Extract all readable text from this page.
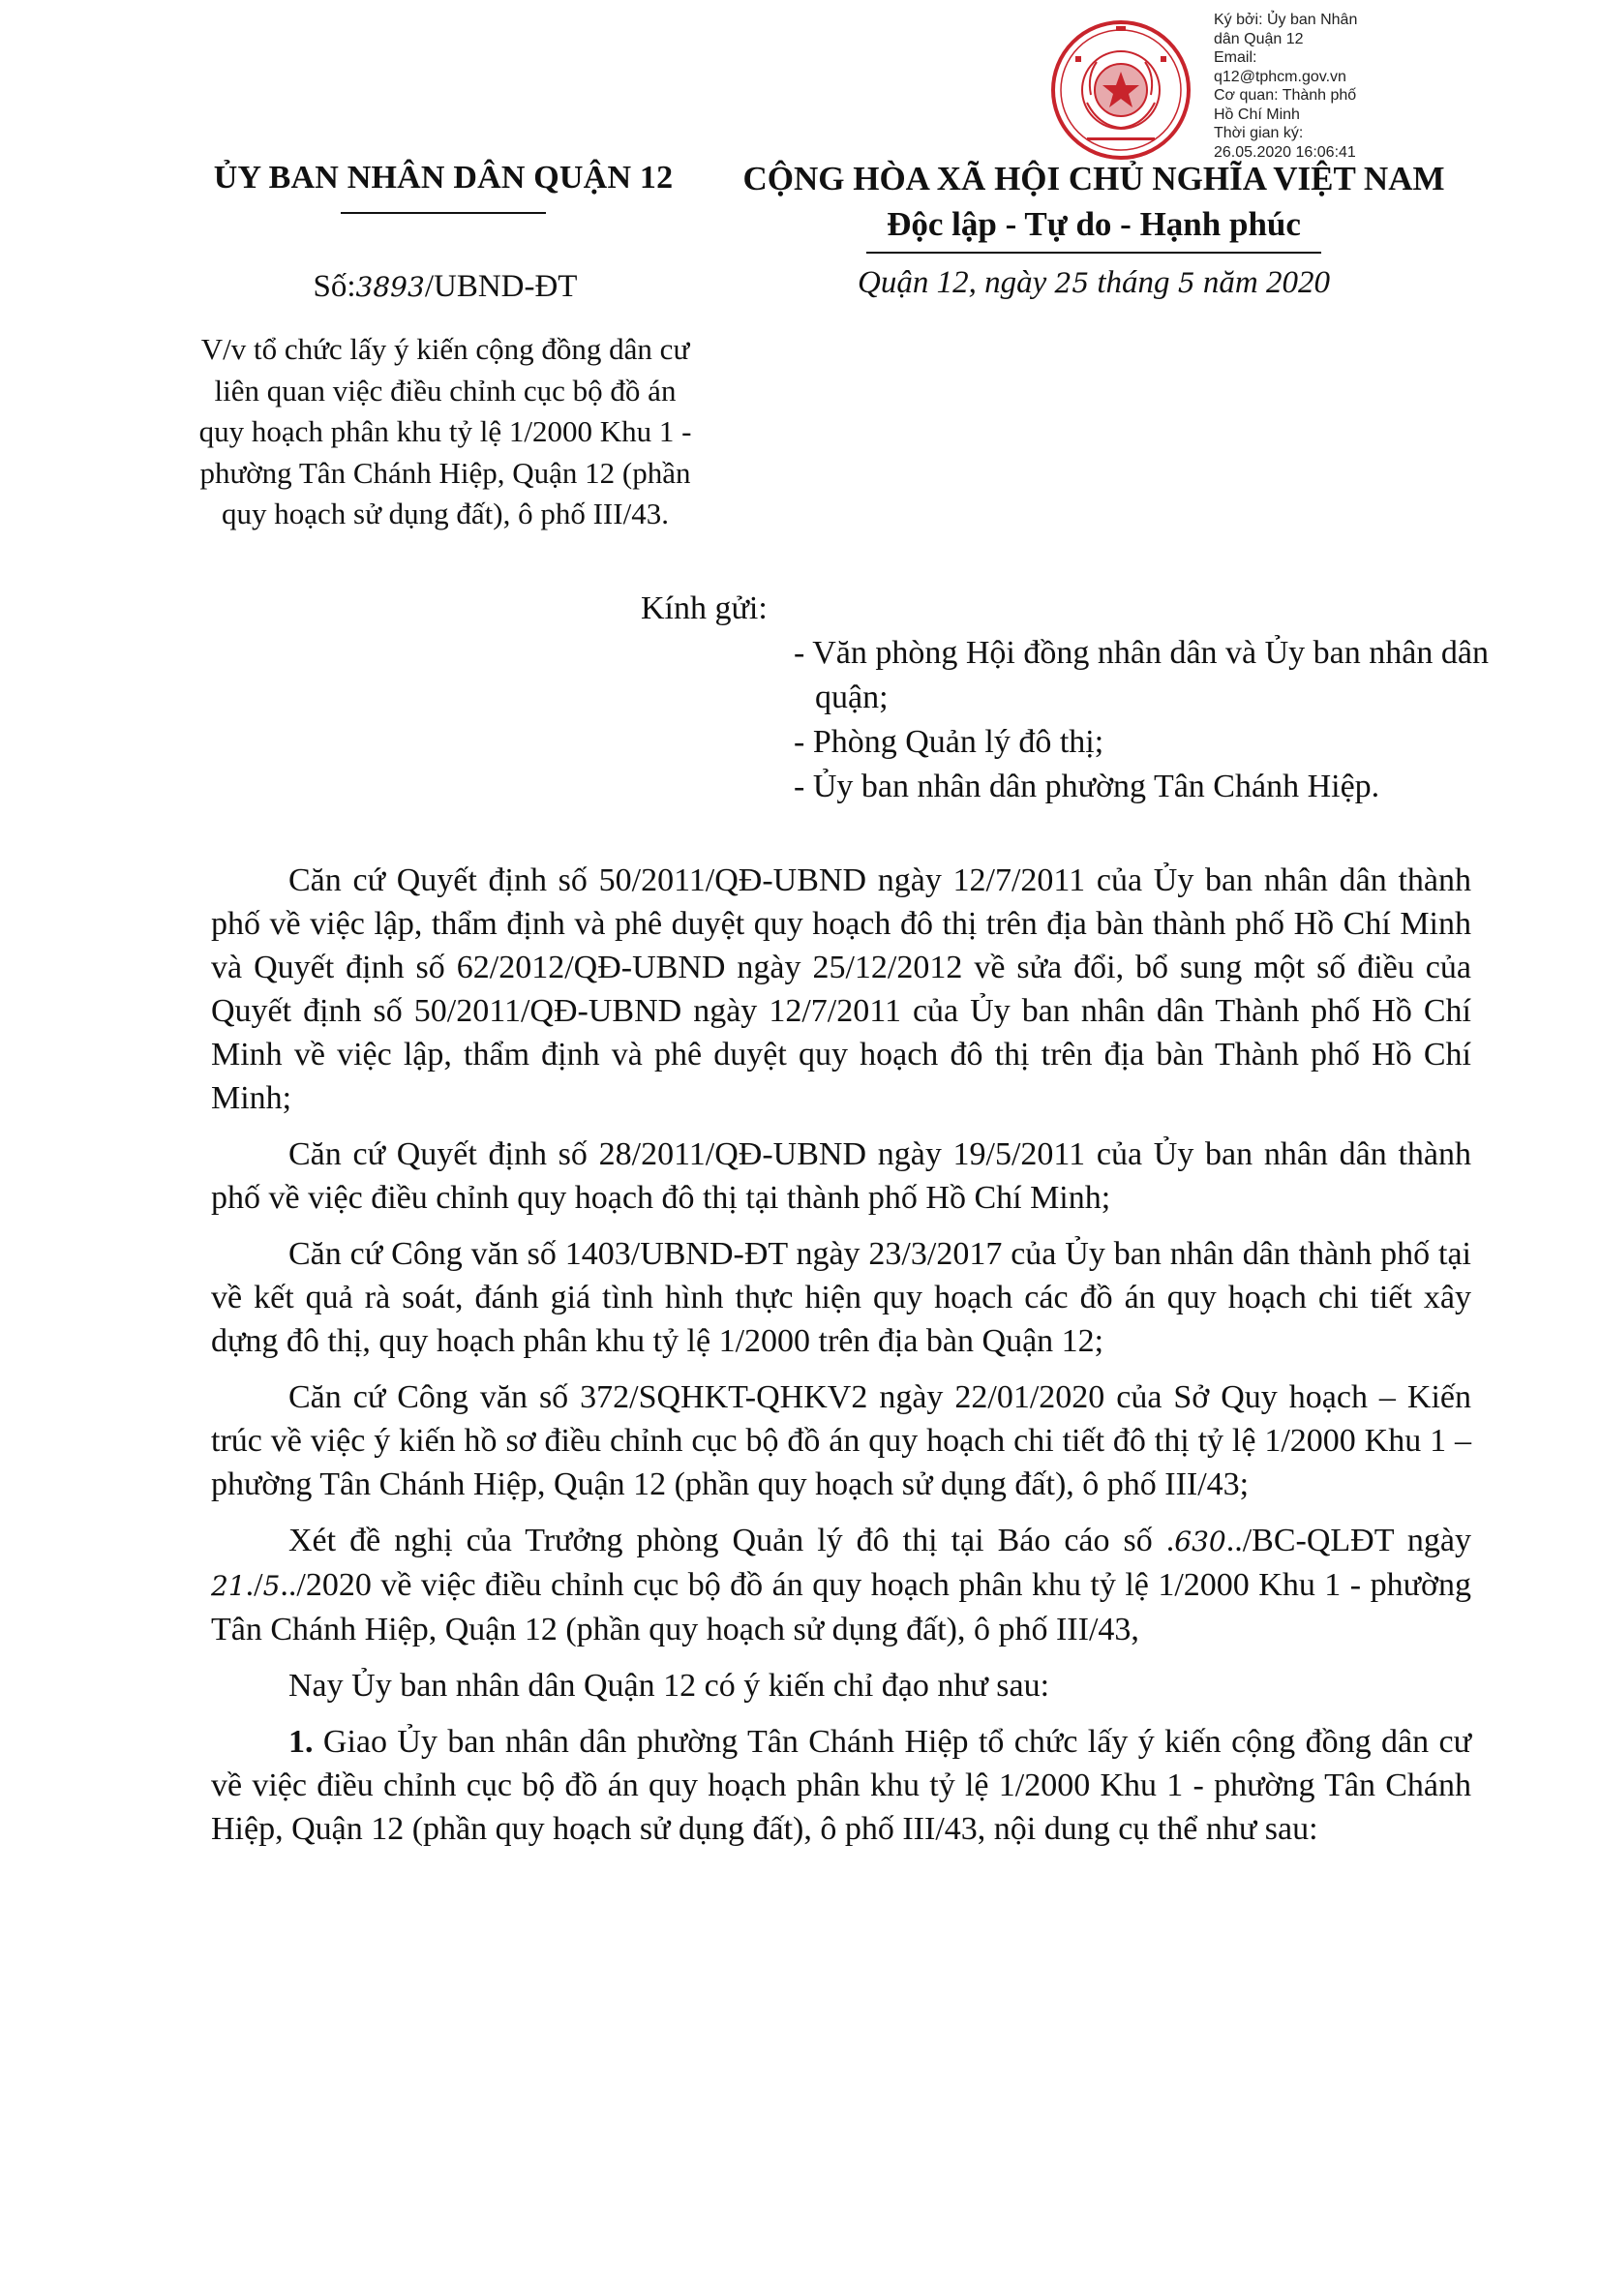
Ký bởi: Ủy ban Nhân
dân Quận 12
Email:
q12@tphcm.gov.vn
Cơ quan: Thành phố
Hồ Chí Minh
Thời gian ký:
26.05.2020 16:06:41
ỦY BAN NHÂN DÂN QUẬN 12	CỘNG HÒA XÃ HỘI CHỦ NGHĨA VIỆT NAM
Độc lập - Tự do - Hạnh phúc
Số:3893/UBND-ĐT	Quận 12, ngày 25 tháng 5 năm 2020
V/v tổ chức lấy ý kiến cộng đồng dân cư liên quan việc điều chỉnh cục bộ đồ án quy hoạch phân khu tỷ lệ 1/2000 Khu 1 - phường Tân Chánh Hiệp, Quận 12 (phần quy hoạch sử dụng đất), ô phố III/43.
Kính gửi:
- Văn phòng Hội đồng nhân dân và Ủy ban nhân dân quận;
- Phòng Quản lý đô thị;
- Ủy ban nhân dân phường Tân Chánh Hiệp.

Căn cứ Quyết định số 50/2011/QĐ-UBND ngày 12/7/2011 của Ủy ban nhân dân thành phố về việc lập, thẩm định và phê duyệt quy hoạch đô thị trên địa bàn thành phố Hồ Chí Minh và Quyết định số 62/2012/QĐ-UBND ngày 25/12/2012 về sửa đổi, bổ sung một số điều của Quyết định số 50/2011/QĐ-UBND ngày 12/7/2011 của Ủy ban nhân dân Thành phố Hồ Chí Minh về việc lập, thẩm định và phê duyệt quy hoạch đô thị trên địa bàn Thành phố Hồ Chí Minh;

Căn cứ Quyết định số 28/2011/QĐ-UBND ngày 19/5/2011 của Ủy ban nhân dân thành phố về việc điều chỉnh quy hoạch đô thị tại thành phố Hồ Chí Minh;

Căn cứ Công văn số 1403/UBND-ĐT ngày 23/3/2017 của Ủy ban nhân dân thành phố tại về kết quả rà soát, đánh giá tình hình thực hiện quy hoạch các đồ án quy hoạch chi tiết xây dựng đô thị, quy hoạch phân khu tỷ lệ 1/2000 trên địa bàn Quận 12;

Căn cứ Công văn số 372/SQHKT-QHKV2 ngày 22/01/2020 của Sở Quy hoạch – Kiến trúc về việc ý kiến hồ sơ điều chỉnh cục bộ đồ án quy hoạch chi tiết đô thị tỷ lệ 1/2000 Khu 1 – phường Tân Chánh Hiệp, Quận 12 (phần quy hoạch sử dụng đất), ô phố III/43;

Xét đề nghị của Trưởng phòng Quản lý đô thị tại Báo cáo số .630../BC-QLĐT ngày 21./5../2020 về việc điều chỉnh cục bộ đồ án quy hoạch phân khu tỷ lệ 1/2000 Khu 1 - phường Tân Chánh Hiệp, Quận 12 (phần quy hoạch sử dụng đất), ô phố III/43,

Nay Ủy ban nhân dân Quận 12 có ý kiến chỉ đạo như sau:

1. Giao Ủy ban nhân dân phường Tân Chánh Hiệp tổ chức lấy ý kiến cộng đồng dân cư về việc điều chỉnh cục bộ đồ án quy hoạch phân khu tỷ lệ 1/2000 Khu 1 - phường Tân Chánh Hiệp, Quận 12 (phần quy hoạch sử dụng đất), ô phố III/43, nội dung cụ thể như sau:
